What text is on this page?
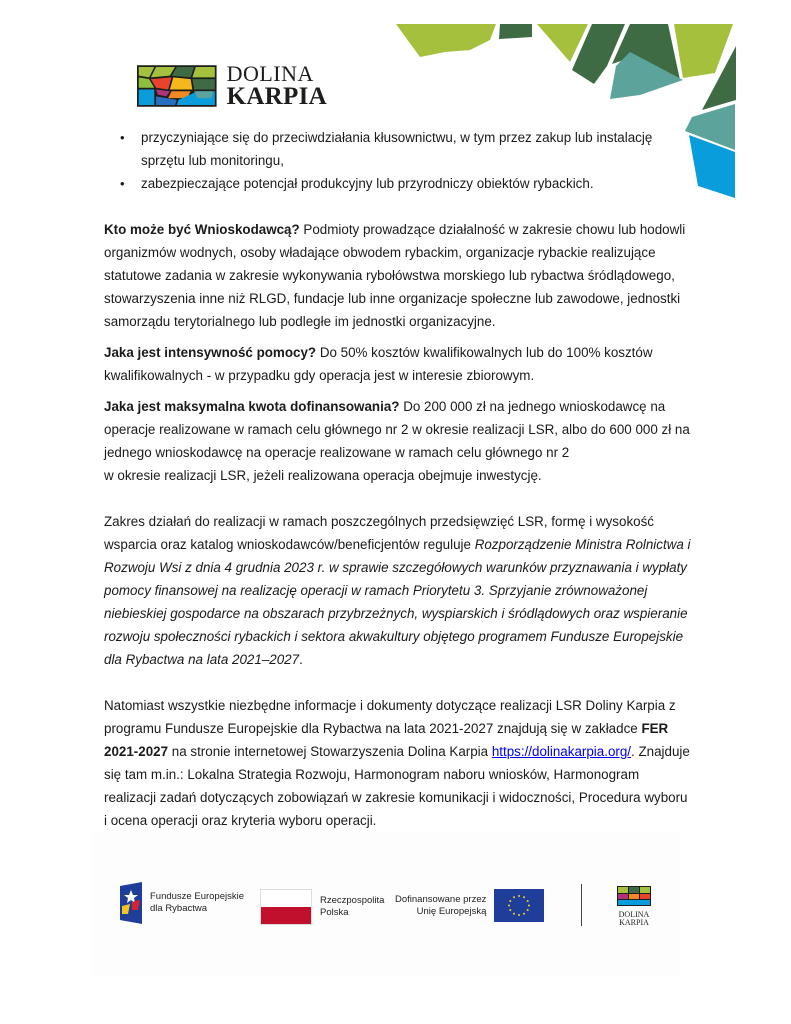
DOLINA
KARPIA
• przyczyniające się do przeciwdziałania kłusownictwu, w tym przez zakup lub instalację sprzętu lub monitoringu,
• zabezpieczające potencjał produkcyjny lub przyrodniczy obiektów rybackich.

Kto może być Wnioskodawcą? Podmioty prowadzące działalność w zakresie chowu lub hodowli organizmów wodnych, osoby władające obwodem rybackim, organizacje rybackie realizujące statutowe zadania w zakresie wykonywania rybołówstwa morskiego lub rybactwa śródlądowego, stowarzyszenia inne niż RLGD, fundacje lub inne organizacje społeczne lub zawodowe, jednostki samorządu terytorialnego lub podległe im jednostki organizacyjne.

Jaka jest intensywność pomocy? Do 50% kosztów kwalifikowalnych lub do 100% kosztów kwalifikowalnych - w przypadku gdy operacja jest w interesie zbiorowym.

Jaka jest maksymalna kwota dofinansowania? Do 200 000 zł na jednego wnioskodawcę na operacje realizowane w ramach celu głównego nr 2 w okresie realizacji LSR, albo do 600 000 zł na jednego wnioskodawcę na operacje realizowane w ramach celu głównego nr 2
w okresie realizacji LSR, jeżeli realizowana operacja obejmuje inwestycję.

Zakres działań do realizacji w ramach poszczególnych przedsięwzięć LSR, formę i wysokość wsparcia oraz katalog wnioskodawców/beneficjentów reguluje Rozporządzenie Ministra Rolnictwa i Rozwoju Wsi z dnia 4 grudnia 2023 r. w sprawie szczegółowych warunków przyznawania i wypłaty pomocy finansowej na realizację operacji w ramach Priorytetu 3. Sprzyjanie zrównoważonej niebieskiej gospodarce na obszarach przybrzeżnych, wyspiarskich i śródlądowych oraz wspieranie rozwoju społeczności rybackich i sektora akwakultury objętego programem Fundusze Europejskie dla Rybactwa na lata 2021–2027.

Natomiast wszystkie niezbędne informacje i dokumenty dotyczące realizacji LSR Doliny Karpia z programu Fundusze Europejskie dla Rybactwa na lata 2021-2027 znajdują się w zakładce FER 2021-2027 na stronie internetowej Stowarzyszenia Dolina Karpia https://dolinakarpia.org/. Znajduje się tam m.in.: Lokalna Strategia Rozwoju, Harmonogram naboru wniosków, Harmonogram realizacji zadań dotyczących zobowiązań w zakresie komunikacji i widoczności, Procedura wyboru i ocena operacji oraz kryteria wyboru operacji.

Fundusze Europejskie
dla Rybactwa
Rzeczpospolita
Polska
Dofinansowane przez
Unię Europejską	DOLINA
KARPIA
